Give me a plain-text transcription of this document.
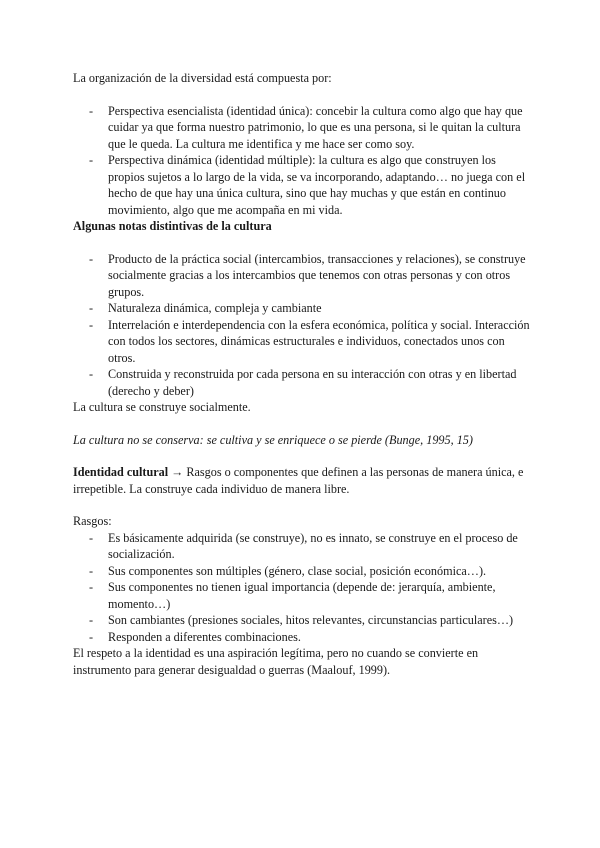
La organización de la diversidad está compuesta por:

- Perspectiva esencialista (identidad única): concebir la cultura como algo que hay que cuidar ya que forma nuestro patrimonio, lo que es una persona, si le quitan la cultura que le queda. La cultura me identifica y me hace ser como soy.
- Perspectiva dinámica (identidad múltiple): la cultura es algo que construyen los propios sujetos a lo largo de la vida, se va incorporando, adaptando… no juega con el hecho de que hay una única cultura, sino que hay muchas y que están en continuo movimiento, algo que me acompaña en mi vida.

Algunas notas distintivas de la cultura

- Producto de la práctica social (intercambios, transacciones y relaciones), se construye socialmente gracias a los intercambios que tenemos con otras personas y con otros grupos.
- Naturaleza dinámica, compleja y cambiante
- Interrelación e interdependencia con la esfera económica, política y social. Interacción con todos los sectores, dinámicas estructurales e individuos, conectados unos con otros.
- Construida y reconstruida por cada persona en su interacción con otras y en libertad (derecho y deber)

La cultura se construye socialmente.

La cultura no se conserva: se cultiva y se enriquece o se pierde (Bunge, 1995, 15)

Identidad cultural → Rasgos o componentes que definen a las personas de manera única, e irrepetible. La construye cada individuo de manera libre.

Rasgos:

- Es básicamente adquirida (se construye), no es innato, se construye en el proceso de socialización.
- Sus componentes son múltiples (género, clase social, posición económica…).
- Sus componentes no tienen igual importancia (depende de: jerarquía, ambiente, momento…)
- Son cambiantes (presiones sociales, hitos relevantes, circunstancias particulares…)
- Responden a diferentes combinaciones.

El respeto a la identidad es una aspiración legítima, pero no cuando se convierte en instrumento para generar desigualdad o guerras (Maalouf, 1999).
